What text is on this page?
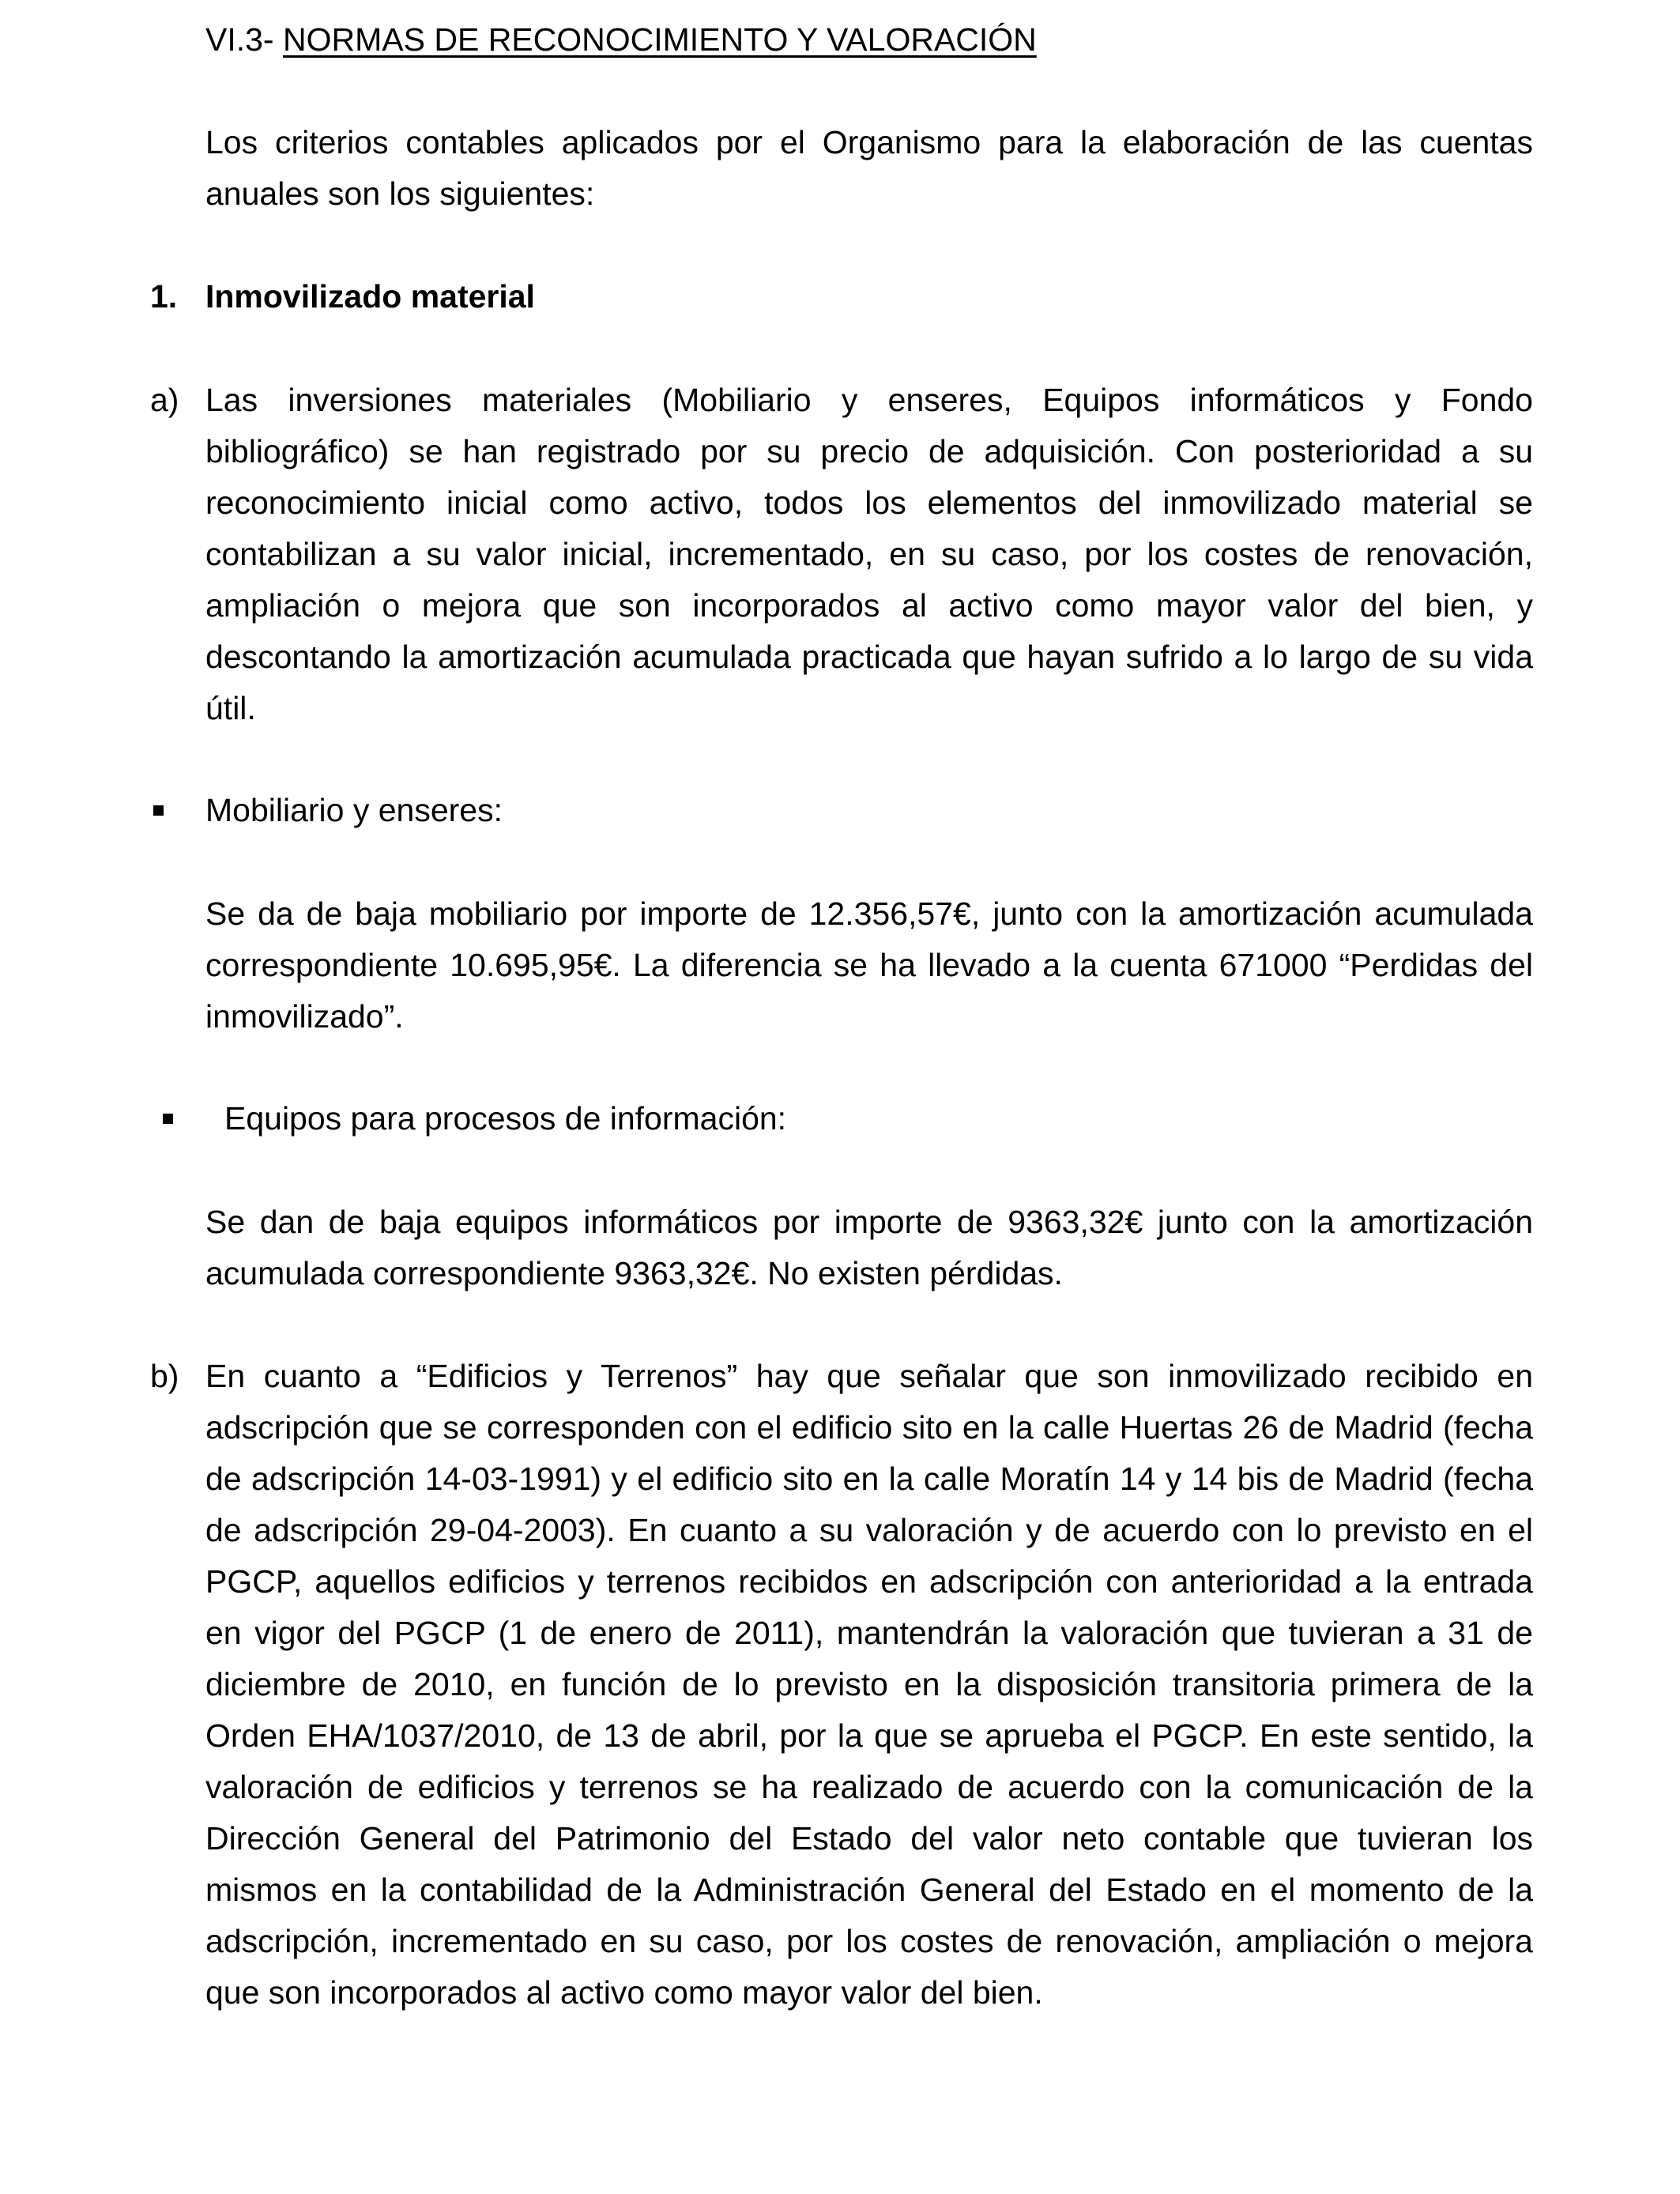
VI.3- NORMAS DE RECONOCIMIENTO Y VALORACIÓN

Los criterios contables aplicados por el Organismo para la elaboración de las cuentas anuales son los siguientes:

1. Inmovilizado material
a) Las inversiones materiales (Mobiliario y enseres, Equipos informáticos y Fondo bibliográfico) se han registrado por su precio de adquisición. Con posterioridad a su reconocimiento inicial como activo, todos los elementos del inmovilizado material se contabilizan a su valor inicial, incrementado, en su caso, por los costes de renovación, ampliación o mejora que son incorporados al activo como mayor valor del bien, y descontando la amortización acumulada practicada que hayan sufrido a lo largo de su vida útil.

Mobiliario y enseres:

Se da de baja mobiliario por importe de 12.356,57€, junto con la amortización acumulada correspondiente 10.695,95€. La diferencia se ha llevado a la cuenta 671000 “Perdidas del inmovilizado”.

Equipos para procesos de información:

Se dan de baja equipos informáticos por importe de 9363,32€ junto con la amortización acumulada correspondiente 9363,32€. No existen pérdidas.

b) En cuanto a “Edificios y Terrenos” hay que señalar que son inmovilizado recibido en adscripción que se corresponden con el edificio sito en la calle Huertas 26 de Madrid (fecha de adscripción 14-03-1991) y el edificio sito en la calle Moratín 14 y 14 bis de Madrid (fecha de adscripción 29-04-2003). En cuanto a su valoración y de acuerdo con lo previsto en el PGCP, aquellos edificios y terrenos recibidos en adscripción con anterioridad a la entrada en vigor del PGCP (1 de enero de 2011), mantendrán la valoración que tuvieran a 31 de diciembre de 2010, en función de lo previsto en la disposición transitoria primera de la Orden EHA/1037/2010, de 13 de abril, por la que se aprueba el PGCP. En este sentido, la valoración de edificios y terrenos se ha realizado de acuerdo con la comunicación de la Dirección General del Patrimonio del Estado del valor neto contable que tuvieran los mismos en la contabilidad de la Administración General del Estado en el momento de la adscripción, incrementado en su caso, por los costes de renovación, ampliación o mejora que son incorporados al activo como mayor valor del bien.
